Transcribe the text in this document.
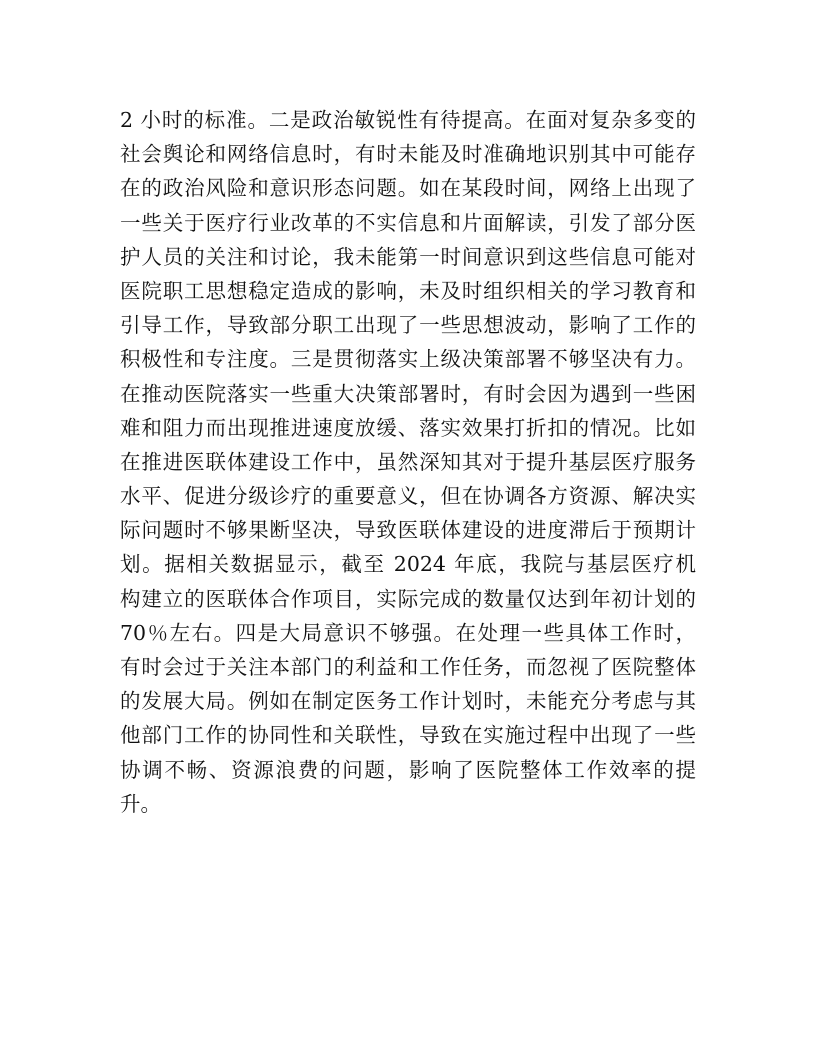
2 小时的标准。二是政治敏锐性有待提高。在面对复杂多变的
社会舆论和网络信息时，有时未能及时准确地识别其中可能存
在的政治风险和意识形态问题。如在某段时间，网络上出现了
一些关于医疗行业改革的不实信息和片面解读，引发了部分医
护人员的关注和讨论，我未能第一时间意识到这些信息可能对
医院职工思想稳定造成的影响，未及时组织相关的学习教育和
引导工作，导致部分职工出现了一些思想波动，影响了工作的
积极性和专注度。三是贯彻落实上级决策部署不够坚决有力。
在推动医院落实一些重大决策部署时，有时会因为遇到一些困
难和阻力而出现推进速度放缓、落实效果打折扣的情况。比如
在推进医联体建设工作中，虽然深知其对于提升基层医疗服务
水平、促进分级诊疗的重要意义，但在协调各方资源、解决实
际问题时不够果断坚决，导致医联体建设的进度滞后于预期计
划。据相关数据显示，截至 2024 年底，我院与基层医疗机
构建立的医联体合作项目，实际完成的数量仅达到年初计划的
70％左右。四是大局意识不够强。在处理一些具体工作时，
有时会过于关注本部门的利益和工作任务，而忽视了医院整体
的发展大局。例如在制定医务工作计划时，未能充分考虑与其
他部门工作的协同性和关联性，导致在实施过程中出现了一些
协调不畅、资源浪费的问题，影响了医院整体工作效率的提
升。
